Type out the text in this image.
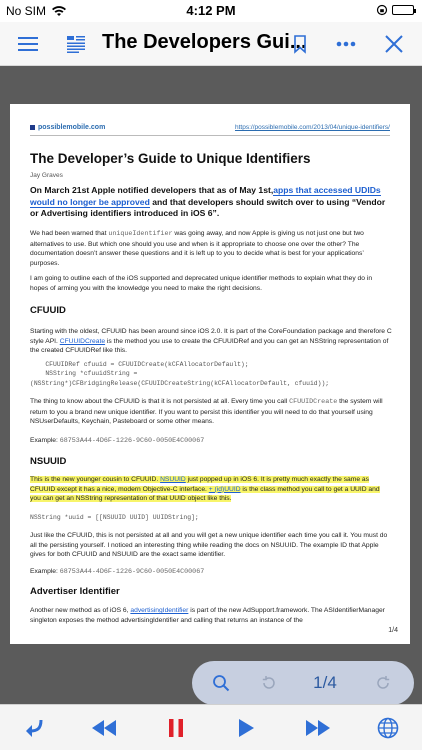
No SIM	4:12 PM
The Developers Gui...
possiblemobile.com	https://possiblemobile.com/2013/04/unique-identifiers/
The Developer’s Guide to Unique Identifiers
Jay Graves
On March 21st Apple notified developers that as of May 1st,apps that accessed UDIDs would no longer be approved and that developers should switch over to using “Vendor or Advertising identifiers introduced in iOS 6”.
We had been warned that uniqueIdentifier was going away, and now Apple is giving us not just one but two alternatives to use. But which one should you use and when is it appropriate to choose one over the other? The documentation doesn’t answer these questions and it is left up to you to decide what is best for your applications’ purposes.
I am going to outline each of the iOS supported and deprecated unique identifier methods to explain what they do in hopes of arming you with the knowledge you need to make the right decisions.
CFUUID
Starting with the oldest, CFUUID has been around since iOS 2.0. It is part of the CoreFoundation package and therefore C style API. CFUUIDCreate is the method you use to create the CFUUIDRef and you can get an NSString representation of the created CFUUIDRef like this.
CFUUIDRef cfuuid = CFUUIDCreate(kCFAllocatorDefault);
NSString *cfuuidString =
(NSString*)CFBridgingRelease(CFUUIDCreateString(kCFAllocatorDefault, cfuuid));
The thing to know about the CFUUID is that it is not persisted at all. Every time you call CFUUIDCreate the system will return to you a brand new unique identifier. If you want to persist this identifier you will need to do that yourself using NSUserDefaults, Keychain, Pasteboard or some other means.
Example: 68753A44-4D6F-1226-9C60-0050E4C00067
NSUUID
This is the new younger cousin to CFUUID. NSUUID just popped up in iOS 6. It is pretty much exactly the same as CFUUID except it has a nice, modern Objective-C interface. + (id)UUID is the class method you call to get a UUID and you can get an NSString representation of that UUID object like this.
NSString *uuid = [[NSUUID UUID] UUIDString];
Just like the CFUUID, this is not persisted at all and you will get a new unique identifier each time you call it. You must do all the persisting yourself. I noticed an interesting thing while reading the docs on NSUUID. The example ID that Apple gives for both CFUUID and NSUUID are the exact same identifier.
Example: 68753A44-4D6F-1226-9C60-0050E4C00067
Advertiser Identifier
Another new method as of iOS 6, advertisingIdentifier is part of the new AdSupport.framework. The ASIdentifierManager singleton exposes the method advertisingIdentifier and calling that returns an instance of the
1/4
1/4
